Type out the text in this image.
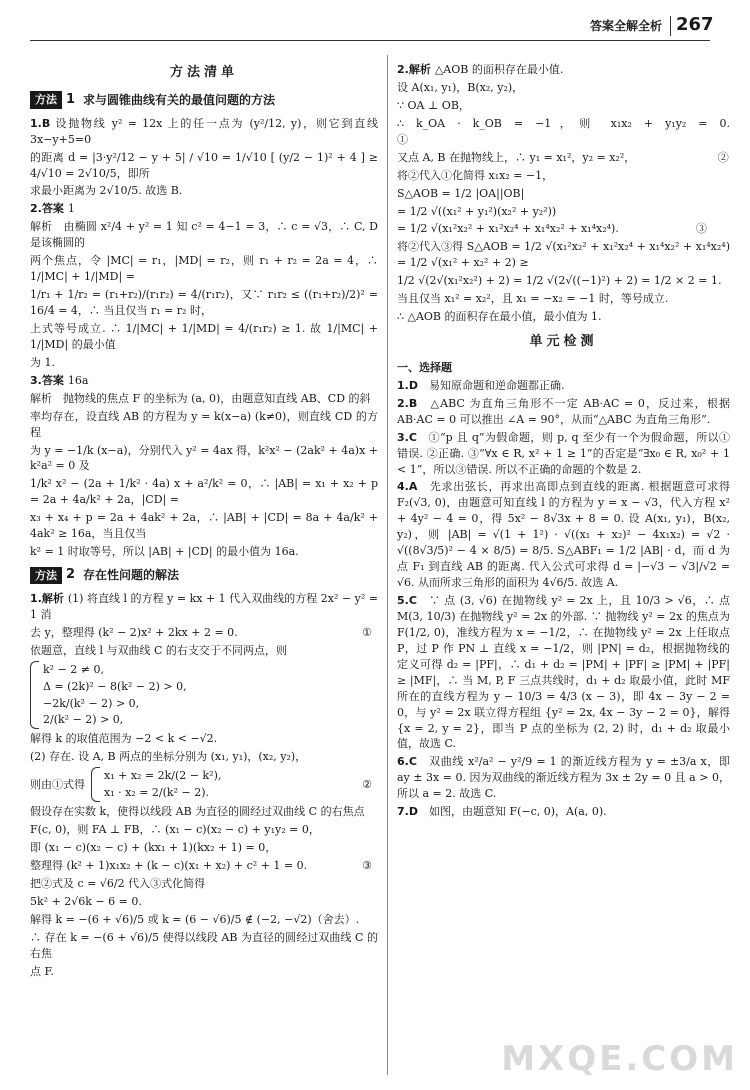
答案全解全析 267
方法清单
方法 1 求与圆锥曲线有关的最值问题的方法

1.B 设抛物线 y² = 12x 上的任一点为 (y²/12, y)，则它到直线 3x−y+5=0

的距离 d = |3·y²/12 − y + 5| / √10 = 1/√10 [ (y/2 − 1)² + 4 ] ≥ 4/√10 = 2√10/5，即所

求最小距离为 2√10/5. 故选 B.

2.答案 1

解析　由椭圆 x²/4 + y² = 1 知 c² = 4−1 = 3，∴ c = √3，∴ C, D 是该椭圆的

两个焦点，令 |MC| = r₁，|MD| = r₂，则 r₁ + r₂ = 2a = 4，∴ 1/|MC| + 1/|MD| =

1/r₁ + 1/r₂ = (r₁+r₂)/(r₁r₂) = 4/(r₁r₂)，又∵ r₁r₂ ≤ ((r₁+r₂)/2)² = 16/4 = 4，∴ 当且仅当 r₁ = r₂ 时，

上式等号成立. ∴ 1/|MC| + 1/|MD| = 4/(r₁r₂) ≥ 1. 故 1/|MC| + 1/|MD| 的最小值

为 1.

3.答案 16a

解析　抛物线的焦点 F 的坐标为 (a, 0)，由题意知直线 AB、CD 的斜

率均存在，设直线 AB 的方程为 y = k(x−a) (k≠0)，则直线 CD 的方程

为 y = −1/k (x−a)，分别代入 y² = 4ax 得，k²x² − (2ak² + 4a)x + k²a² = 0 及

1/k² x² − (2a + 1/k² · 4a) x + a²/k² = 0，∴ |AB| = x₁ + x₂ + p = 2a + 4a/k² + 2a，|CD| =

x₃ + x₄ + p = 2a + 4ak² + 2a，∴ |AB| + |CD| = 8a + 4a/k² + 4ak² ≥ 16a，当且仅当

k² = 1 时取等号，所以 |AB| + |CD| 的最小值为 16a.

方法 2 存在性问题的解法

1.解析 (1) 将直线 l 的方程 y = kx + 1 代入双曲线的方程 2x² − y² = 1 消

去 y，整理得 (k² − 2)x² + 2kx + 2 = 0.	①

依题意，直线 l 与双曲线 C 的右支交于不同两点，则

k² − 2 ≠ 0,
Δ = (2k)² − 8(k² − 2) > 0,
−2k/(k² − 2) > 0,
2/(k² − 2) > 0,

解得 k 的取值范围为 −2 < k < −√2.

(2) 存在. 设 A, B 两点的坐标分别为 (x₁, y₁)，(x₂, y₂)，

则由①式得
x₁ + x₂ = 2k/(2 − k²),
x₁ · x₂ = 2/(k² − 2).
②

假设存在实数 k，使得以线段 AB 为直径的圆经过双曲线 C 的右焦点

F(c, 0)，则 FA ⊥ FB，∴ (x₁ − c)(x₂ − c) + y₁y₂ = 0，

即 (x₁ − c)(x₂ − c) + (kx₁ + 1)(kx₂ + 1) = 0，

整理得 (k² + 1)x₁x₂ + (k − c)(x₁ + x₂) + c² + 1 = 0.	③

把②式及 c = √6/2 代入③式化简得

5k² + 2√6k − 6 = 0.

解得 k = −(6 + √6)/5 或 k = (6 − √6)/5 ∉ (−2, −√2)（舍去）.

∴ 存在 k = −(6 + √6)/5 使得以线段 AB 为直径的圆经过双曲线 C 的右焦

点 F.

2.解析 △AOB 的面积存在最小值.

设 A(x₁, y₁)，B(x₂, y₂)，

∵ OA ⊥ OB，

∴ k_OA · k_OB = −1，则 x₁x₂ + y₁y₂ = 0.　　　　　　　　　　　①

又点 A, B 在抛物线上，∴ y₁ = x₁²，y₂ = x₂²，　　　　　　　　②

将②代入①化简得 x₁x₂ = −1，

S△AOB = 1/2 |OA||OB|

= 1/2 √((x₁² + y₁²)(x₂² + y₂²))

= 1/2 √(x₁²x₂² + x₁²x₂⁴ + x₁⁴x₂² + x₁⁴x₂⁴).　　　　　　　③

将②代入③得 S△AOB = 1/2 √(x₁²x₂² + x₁²x₂⁴ + x₁⁴x₂² + x₁⁴x₂⁴) = 1/2 √(x₁² + x₂² + 2) ≥

1/2 √(2√(x₁²x₂²) + 2) = 1/2 √(2√((−1)²) + 2) = 1/2 × 2 = 1.

当且仅当 x₁² = x₂²，且 x₁ = −x₂ = −1 时，等号成立.

∴ △AOB 的面积存在最小值，最小值为 1.

单元检测
一、选择题

1.D　 易知原命题和逆命题都正确.

2.B　 △ABC 为直角三角形不一定 AB·AC = 0，反过来，根据 AB·AC = 0 可以推出 ∠A = 90°，从而“△ABC 为直角三角形”.

3.C　 ①“p 且 q”为假命题，则 p, q 至少有一个为假命题，所以①错误. ②正确. ③“∀x ∈ R, x² + 1 ≥ 1”的否定是“∃x₀ ∈ R, x₀² + 1 < 1”，所以③错误. 所以不正确的命题的个数是 2.

4.A　 先求出弦长，再求出高即点到直线的距离. 根据题意可求得 F₂(√3, 0)，由题意可知直线 l 的方程为 y = x − √3，代入方程 x² + 4y² − 4 = 0，得 5x² − 8√3x + 8 = 0. 设 A(x₁, y₁)，B(x₂, y₂)，则 |AB| = √(1 + 1²) · √((x₁ + x₂)² − 4x₁x₂) = √2 · √((8√3/5)² − 4 × 8/5) = 8/5. S△ABF₁ = 1/2 |AB| · d，而 d 为点 F₁ 到直线 AB 的距离. 代入公式可求得 d = |−√3 − √3|/√2 = √6. 从而所求三角形的面积为 4√6/5. 故选 A.

5.C　 ∵ 点 (3, √6) 在抛物线 y² = 2x 上，且 10/3 > √6，∴ 点 M(3, 10/3) 在抛物线 y² = 2x 的外部. ∵ 抛物线 y² = 2x 的焦点为 F(1/2, 0)，准线方程为 x = −1/2，∴ 在抛物线 y² = 2x 上任取点 P，过 P 作 PN ⊥ 直线 x = −1/2，则 |PN| = d₂，根据抛物线的定义可得 d₂ = |PF|，∴ d₁ + d₂ = |PM| + |PF| ≥ |PM| + |PF| ≥ |MF|，∴ 当 M, P, F 三点共线时，d₁ + d₂ 取最小值，此时 MF 所在的直线方程为 y − 10/3 = 4/3 (x − 3)，即 4x − 3y − 2 = 0，与 y² = 2x 联立得方程组 {y² = 2x, 4x − 3y − 2 = 0}，解得 {x = 2, y = 2}，即当 P 点的坐标为 (2, 2) 时，d₁ + d₂ 取最小值，故选 C.

6.C　 双曲线 x²/a² − y²/9 = 1 的渐近线方程为 y = ±3/a x，即 ay ± 3x = 0. 因为双曲线的渐近线方程为 3x ± 2y = 0 且 a > 0，所以 a = 2. 故选 C.

7.D　 如图，由题意知 F(−c, 0)，A(a, 0).

MXQE.COM
